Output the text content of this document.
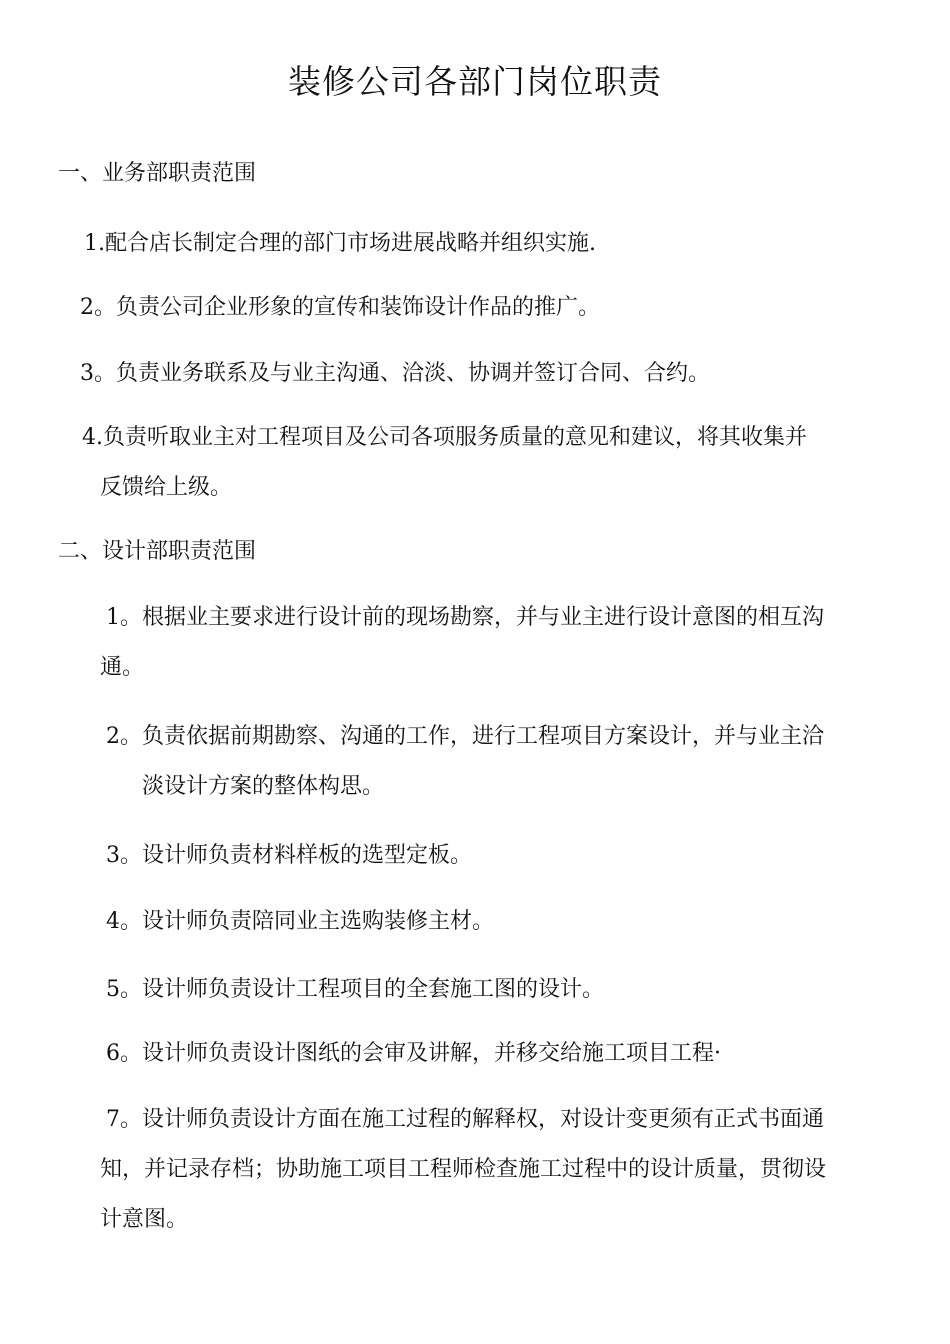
装修公司各部门岗位职责
一、业务部职责范围
1.配合店长制定合理的部门市场进展战略并组织实施.
2。负责公司企业形象的宣传和装饰设计作品的推广。
3。负责业务联系及与业主沟通、洽淡、协调并签订合同、合约。
4.负责听取业主对工程项目及公司各项服务质量的意见和建议，将其收集并
反馈给上级。
二、设计部职责范围
1。根据业主要求进行设计前的现场勘察，并与业主进行设计意图的相互沟
通。
2。负责依据前期勘察、沟通的工作，进行工程项目方案设计，并与业主洽
淡设计方案的整体构思。
3。设计师负责材料样板的选型定板。
4。设计师负责陪同业主选购装修主材。
5。设计师负责设计工程项目的全套施工图的设计。
6。设计师负责设计图纸的会审及讲解，并移交给施工项目工程·
7。设计师负责设计方面在施工过程的解释权，对设计变更须有正式书面通
知，并记录存档；协助施工项目工程师检查施工过程中的设计质量，贯彻设
计意图。
